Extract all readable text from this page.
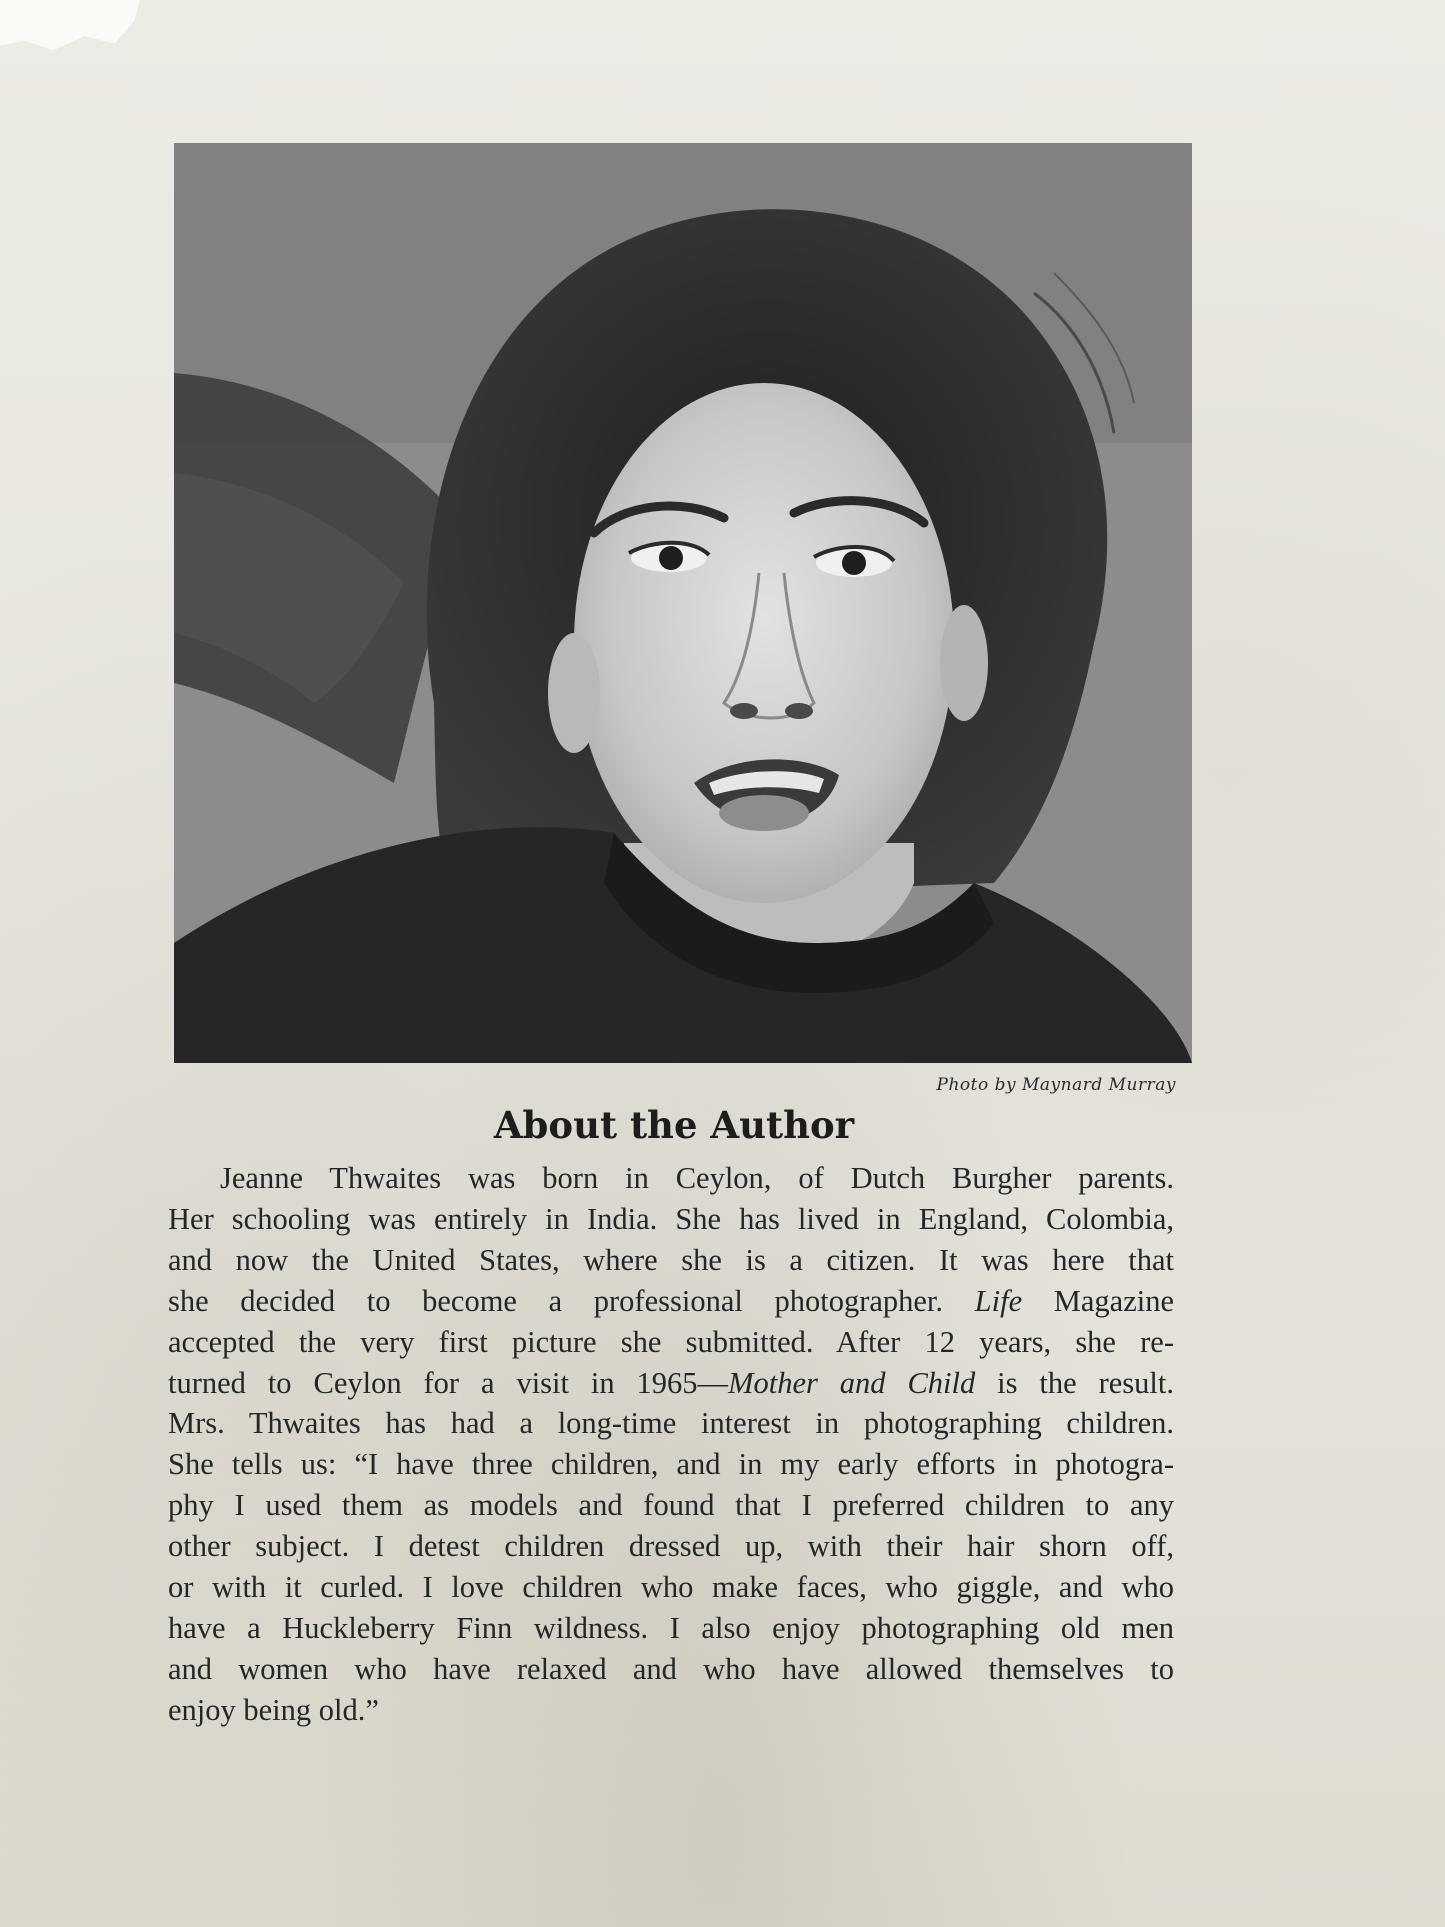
Photo by Maynard Murray
About the Author
Jeanne Thwaites was born in Ceylon, of Dutch Burgher parents.
Her schooling was entirely in India. She has lived in England, Colombia,
and now the United States, where she is a citizen. It was here that
she decided to become a professional photographer. Life Magazine
accepted the very first picture she submitted. After 12 years, she re-
turned to Ceylon for a visit in 1965—Mother and Child is the result.
Mrs. Thwaites has had a long-time interest in photographing children.
She tells us: “I have three children, and in my early efforts in photogra-
phy I used them as models and found that I preferred children to any
other subject. I detest children dressed up, with their hair shorn off,
or with it curled. I love children who make faces, who giggle, and who
have a Huckleberry Finn wildness. I also enjoy photographing old men
and women who have relaxed and who have allowed themselves to
enjoy being old.”
